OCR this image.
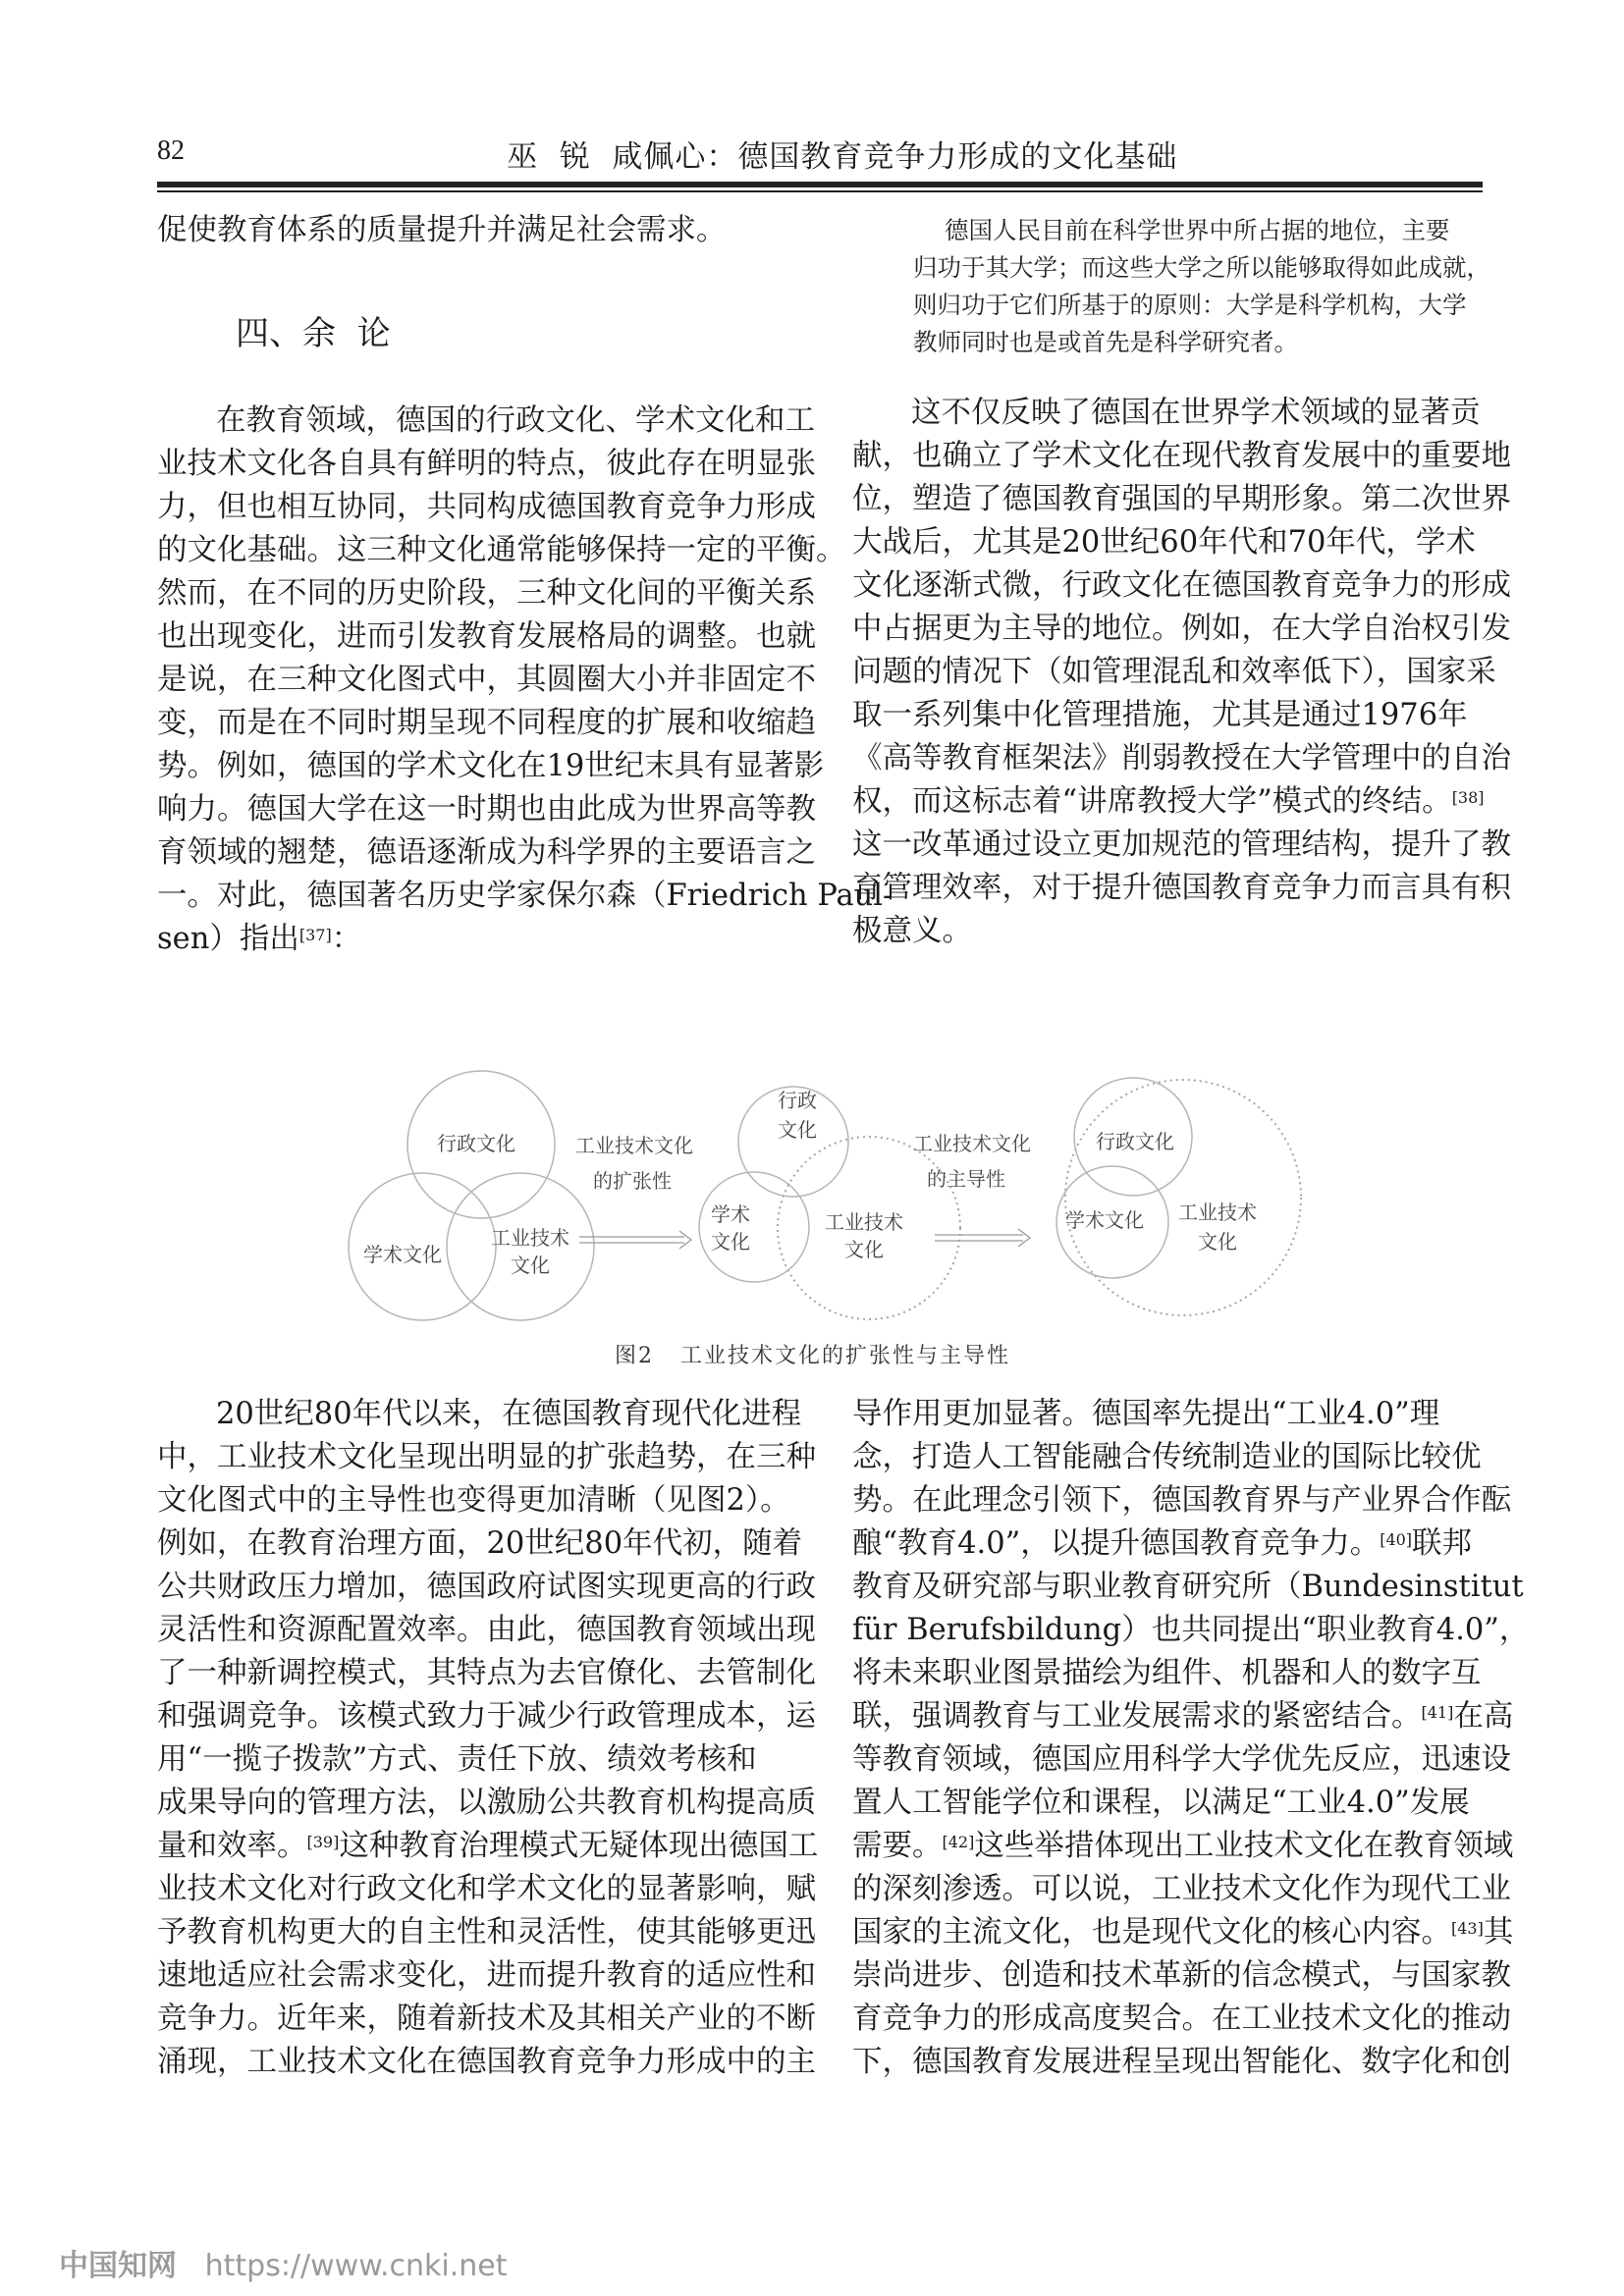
82	巫  锐  咸佩心：德国教育竞争力形成的文化基础
四、余  论
促使教育体系的质量提升并满足社会需求。
在教育领域，德国的行政文化、学术文化和工
业技术文化各自具有鲜明的特点，彼此存在明显张
力，但也相互协同，共同构成德国教育竞争力形成
的文化基础。这三种文化通常能够保持一定的平衡。
然而，在不同的历史阶段，三种文化间的平衡关系
也出现变化，进而引发教育发展格局的调整。也就
是说，在三种文化图式中，其圆圈大小并非固定不
变，而是在不同时期呈现不同程度的扩展和收缩趋
势。例如，德国的学术文化在19世纪末具有显著影
响力。德国大学在这一时期也由此成为世界高等教
育领域的翘楚，德语逐渐成为科学界的主要语言之
一。对此，德国著名历史学家保尔森（Friedrich Paul-
sen）指出[37]：
德国人民目前在科学世界中所占据的地位，主要
归功于其大学；而这些大学之所以能够取得如此成就，
则归功于它们所基于的原则：大学是科学机构，大学
教师同时也是或首先是科学研究者。
这不仅反映了德国在世界学术领域的显著贡
献，也确立了学术文化在现代教育发展中的重要地
位，塑造了德国教育强国的早期形象。第二次世界
大战后，尤其是20世纪60年代和70年代，学术
文化逐渐式微，行政文化在德国教育竞争力的形成
中占据更为主导的地位。例如，在大学自治权引发
问题的情况下（如管理混乱和效率低下），国家采
取一系列集中化管理措施，尤其是通过1976年
《高等教育框架法》削弱教授在大学管理中的自治
权，而这标志着“讲席教授大学”模式的终结。[38]
这一改革通过设立更加规范的管理结构，提升了教
育管理效率，对于提升德国教育竞争力而言具有积
极意义。
20世纪80年代以来，在德国教育现代化进程
中，工业技术文化呈现出明显的扩张趋势，在三种
文化图式中的主导性也变得更加清晰（见图2）。
例如，在教育治理方面，20世纪80年代初，随着
公共财政压力增加，德国政府试图实现更高的行政
灵活性和资源配置效率。由此，德国教育领域出现
了一种新调控模式，其特点为去官僚化、去管制化
和强调竞争。该模式致力于减少行政管理成本，运
用“一揽子拨款”方式、责任下放、绩效考核和
成果导向的管理方法，以激励公共教育机构提高质
量和效率。[39]这种教育治理模式无疑体现出德国工
业技术文化对行政文化和学术文化的显著影响，赋
予教育机构更大的自主性和灵活性，使其能够更迅
速地适应社会需求变化，进而提升教育的适应性和
竞争力。近年来，随着新技术及其相关产业的不断
涌现，工业技术文化在德国教育竞争力形成中的主
导作用更加显著。德国率先提出“工业4.0”理
念，打造人工智能融合传统制造业的国际比较优
势。在此理念引领下，德国教育界与产业界合作酝
酿“教育4.0”，以提升德国教育竞争力。[40]联邦
教育及研究部与职业教育研究所（Bundesinstitut
für Berufsbildung）也共同提出“职业教育4.0”，
将未来职业图景描绘为组件、机器和人的数字互
联，强调教育与工业发展需求的紧密结合。[41]在高
等教育领域，德国应用科学大学优先反应，迅速设
置人工智能学位和课程，以满足“工业4.0”发展
需要。[42]这些举措体现出工业技术文化在教育领域
的深刻渗透。可以说，工业技术文化作为现代工业
国家的主流文化，也是现代文化的核心内容。[43]其
崇尚进步、创造和技术革新的信念模式，与国家教
育竞争力的形成高度契合。在工业技术文化的推动
下，德国教育发展进程呈现出智能化、数字化和创
行政文化
学术文化
工业技术
文化
工业技术文化
的扩张性
行政
文化
学术
文化
工业技术
文化
工业技术文化
的主导性
行政文化
学术文化 工业技术
文化
图2   工业技术文化的扩张性与主导性
中国知网 https://www.cnki.net
